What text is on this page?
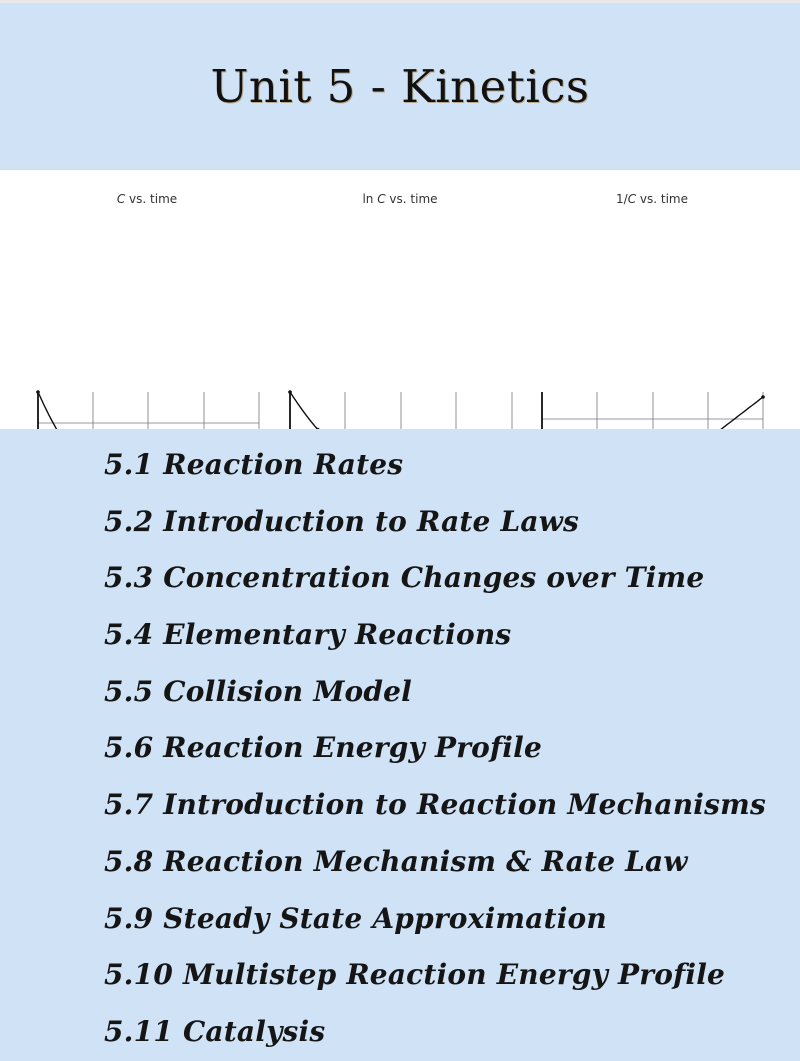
Unit 5 - Kinetics
C vs. time	ln C vs. time	1/C vs. time
5.1 Reaction Rates
5.2 Introduction to Rate Laws
5.3 Concentration Changes over Time
5.4 Elementary Reactions
5.5 Collision Model
5.6 Reaction Energy Profile
5.7 Introduction to Reaction Mechanisms
5.8 Reaction Mechanism & Rate Law
5.9 Steady State Approximation
5.10 Multistep Reaction Energy Profile
5.11 Catalysis
